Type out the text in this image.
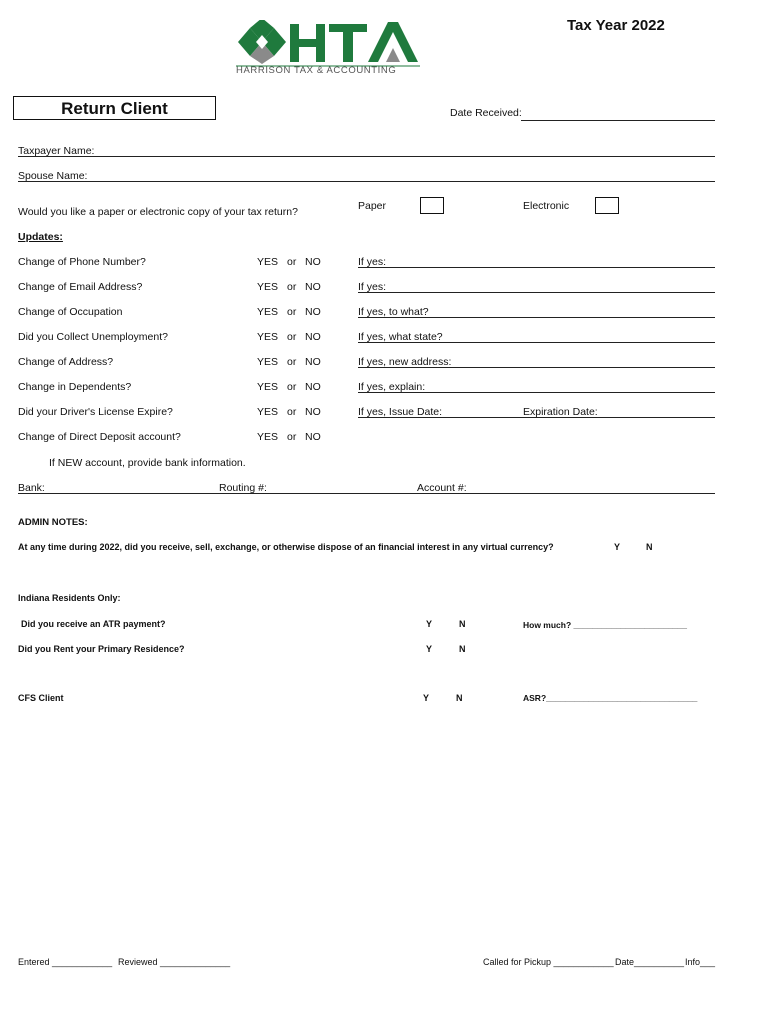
Tax Year 2022
HARRISON TAX & ACCOUNTING
Return Client	Date Received:
Taxpayer Name:
Spouse Name:
Would you like a paper or electronic copy of your tax return?	Paper	Electronic
Updates:
Change of Phone Number?	YES or NO	If yes:
Change of Email Address?	YES or NO	If yes:
Change of Occupation	YES or NO	If yes, to what?
Did you Collect Unemployment?	YES or NO	If yes, what state?
Change of Address?	YES or NO	If yes, new address:
Change in Dependents?	YES or NO	If yes, explain:
Did your Driver's License Expire?	YES or NO	If yes, Issue Date:	Expiration Date:
Change of Direct Deposit account?	YES or NO
If NEW account, provide bank information.
Bank:	Routing #:	Account #:
ADMIN NOTES:
At any time during 2022, did you receive, sell, exchange, or otherwise dispose of an financial interest in any virtual currency?	Y	N
Indiana Residents Only:
Did you receive an ATR payment?	Y	N	How much? ________________________
Did you Rent your Primary Residence?	Y	N
CFS Client	Y	N	ASR?________________________________
Entered ____________ Reviewed ______________	Called for Pickup ____________ Date__________ Info___
